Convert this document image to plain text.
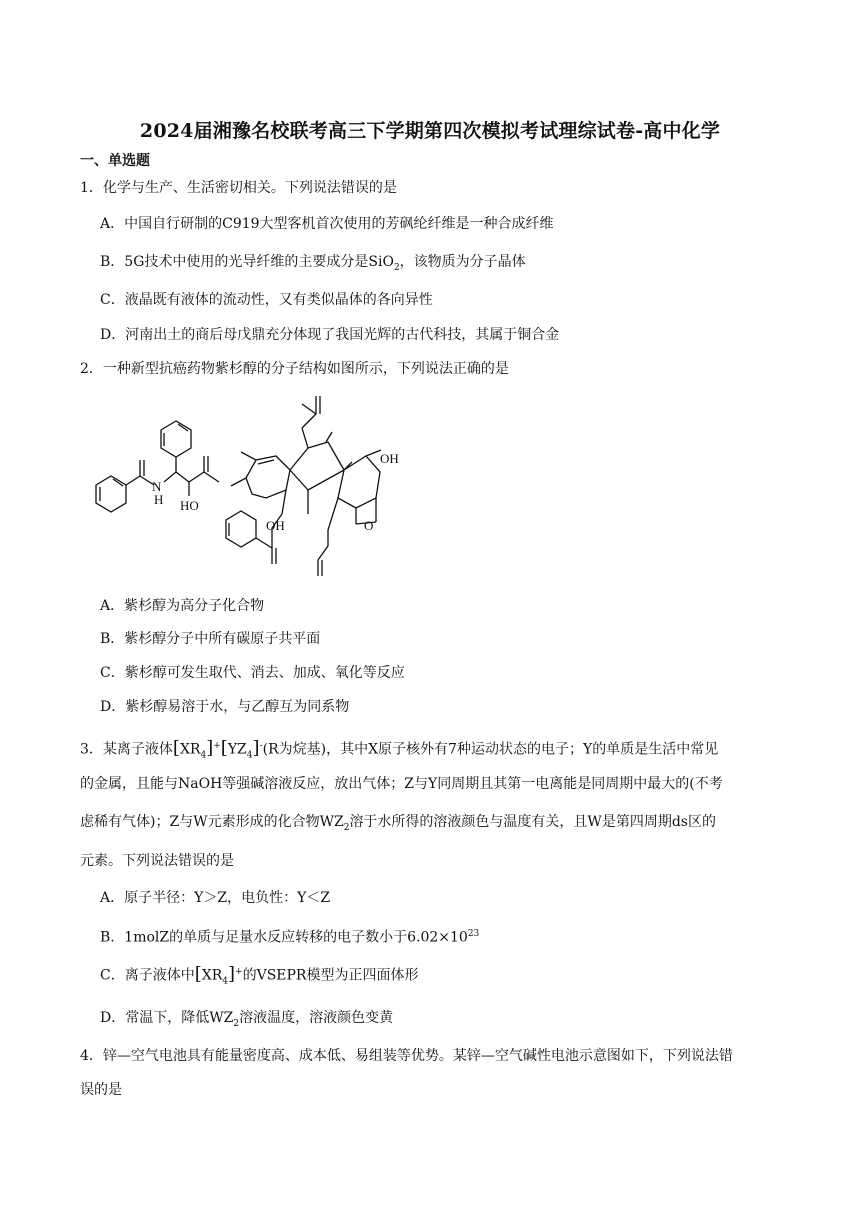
2024届湘豫名校联考高三下学期第四次模拟考试理综试卷-高中化学
一、单选题
1．化学与生产、生活密切相关。下列说法错误的是
A．中国自行研制的C919大型客机首次使用的芳砜纶纤维是一种合成纤维
B．5G技术中使用的光导纤维的主要成分是SiO$_2$，该物质为分子晶体
C．液晶既有液体的流动性，又有类似晶体的各向异性
D．河南出土的商后母戊鼎充分体现了我国光辉的古代科技，其属于铜合金
2．一种新型抗癌药物紫杉醇的分子结构如图所示，下列说法正确的是
OH
HO
OH
N
H
O
A．紫杉醇为高分子化合物
B．紫杉醇分子中所有碳原子共平面
C．紫杉醇可发生取代、消去、加成、氧化等反应
D．紫杉醇易溶于水，与乙醇互为同系物
3．某离子液体$[XR_4]^+[YZ_4]^-(R$为烷基)，其中X原子核外有7种运动状态的电子；Y的单质是生活中常见
的金属，且能与NaOH等强碱溶液反应，放出气体；Z与Y同周期且其第一电离能是同周期中最大的(不考
虑稀有气体)；Z与W元素形成的化合物$WZ_2$溶于水所得的溶液颜色与温度有关，且W是第四周期ds区的
元素。下列说法错误的是
A．原子半径：Y＞Z，电负性：Y＜Z
B．1molZ的单质与足量水反应转移的电子数小于$6.02\times 10^{23}$
C．离子液体中$[XR_4]^+$的VSEPR模型为正四面体形
D．常温下，降低$WZ_2$溶液温度，溶液颜色变黄
4．锌—空气电池具有能量密度高、成本低、易组装等优势。某锌—空气碱性电池示意图如下，下列说法错
误的是
